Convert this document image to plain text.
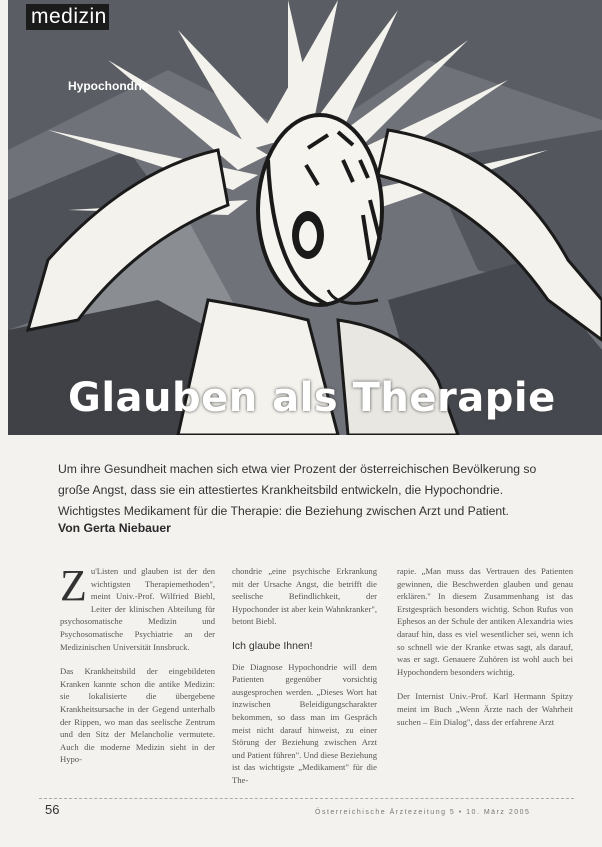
medizin
Hypochondrie
Glauben als Therapie
Um ihre Gesundheit machen sich etwa vier Prozent der österreichischen Bevölkerung so große Angst, dass sie ein attestiertes Krankheitsbild entwickeln, die Hypochondrie. Wichtigstes Medikament für die Therapie: die Beziehung zwischen Arzt und Patient.
Von Gerta Niebauer

Zu'Listen und glauben ist der den wichtigsten Therapiemethoden", meint Univ.-Prof. Wilfried Biebl, Leiter der klinischen Abteilung für psychosomatische Medizin und Psychosomatische Psychiatrie an der Medizinischen Universität Innsbruck.

Das Krankheitsbild der eingebildeten Kranken kannte schon die antike Medizin: sie lokalisierte die übergebene Krankheitsursache in der Gegend unterhalb der Rippen, wo man das seelische Zentrum und den Sitz der Melancholie vermutete. Auch die moderne Medizin sieht in der Hypo-

chondrie „eine psychische Erkrankung mit der Ursache Angst, die betrifft die seelische Befindlichkeit, der Hypochonder ist aber kein Wahnkranker", betont Biebl.

Ich glaube Ihnen!

Die Diagnose Hypochondrie will dem Patienten gegenüber vorsichtig ausgesprochen werden. „Dieses Wort hat inzwischen Beleidigungscharakter bekommen, so dass man im Gespräch meist nicht darauf hinweist, zu einer Störung der Beziehung zwischen Arzt und Patient führen". Und diese Beziehung ist das wichtigste „Medikament" für die The-

rapie. „Man muss das Vertrauen des Patienten gewinnen, die Beschwerden glauben und genau erklären." In diesem Zusammenhang ist das Erstgespräch besonders wichtig. Schon Rufus von Ephesos an der Schule der antiken Alexandria wies darauf hin, dass es viel wesentlicher sei, wenn ich so schnell wie der Kranke etwas sagt, als darauf, was er sagt. Genauere Zuhören ist wohl auch bei Hypochondern besonders wichtig.

Der Internist Univ.-Prof. Karl Hermann Spitzy meint im Buch „Wenn Ärzte nach der Wahrheit suchen – Ein Dialog", dass der erfahrene Arzt

56	Österreichische Ärztezeitung 5 • 10. März 2005
